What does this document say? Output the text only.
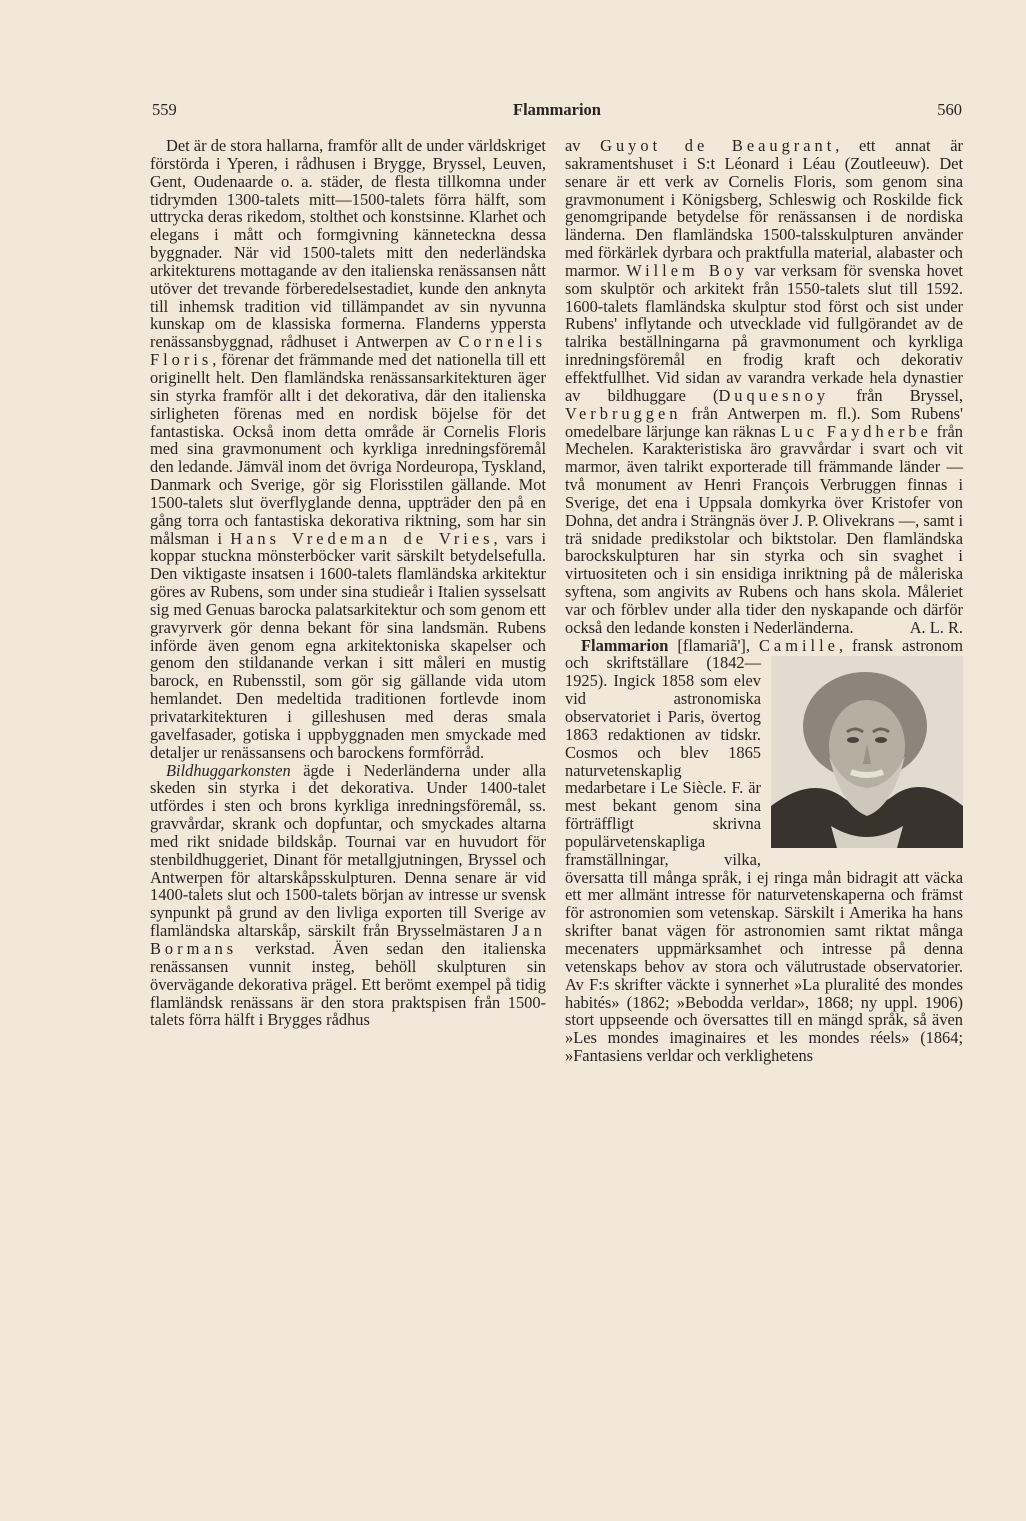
559	Flammarion	560

Det är de stora hallarna, framför allt de under världskriget förstörda i Yperen, i rådhusen i Brygge, Bryssel, Leuven, Gent, Oudenaarde o. a. städer, de flesta tillkomna under tidrymden 1300-talets mitt—1500-talets förra hälft, som uttrycka deras rikedom, stolthet och konstsinne. Klarhet och elegans i mått och formgivning känneteckna dessa byggnader. När vid 1500-talets mitt den nederländska arkitekturens mottagande av den italienska renässansen nått utöver det trevande förberedelsestadiet, kunde den anknyta till inhemsk tradition vid tillämpandet av sin nyvunna kunskap om de klassiska formerna. Flanderns yppersta renässansbyggnad, rådhuset i Antwerpen av Cornelis Floris, förenar det främmande med det nationella till ett originellt helt. Den flamländska renässansarkitekturen äger sin styrka framför allt i det dekorativa, där den italienska sirligheten förenas med en nordisk böjelse för det fantastiska. Också inom detta område är Cornelis Floris med sina gravmonument och kyrkliga inredningsföremål den ledande. Jämväl inom det övriga Nordeuropa, Tyskland, Danmark och Sverige, gör sig Florisstilen gällande. Mot 1500-talets slut överflyglande denna, uppträder den på en gång torra och fantastiska dekorativa riktning, som har sin målsman i Hans Vredeman de Vries, vars i koppar stuckna mönsterböcker varit särskilt betydelsefulla. Den viktigaste insatsen i 1600-talets flamländska arkitektur göres av Rubens, som under sina studieår i Italien sysselsatt sig med Genuas barocka palatsarkitektur och som genom ett gravyrverk gör denna bekant för sina landsmän. Rubens införde även genom egna arkitektoniska skapelser och genom den stildanande verkan i sitt måleri en mustig barock, en Rubensstil, som gör sig gällande vida utom hemlandet. Den medeltida traditionen fortlevde inom privatarkitekturen i gilleshusen med deras smala gavelfasader, gotiska i uppbyggnaden men smyckade med detaljer ur renässansens och barockens formförråd.

Bildhuggarkonsten ägde i Nederländerna under alla skeden sin styrka i det dekorativa. Under 1400-talet utfördes i sten och brons kyrkliga inredningsföremål, ss. gravvårdar, skrank och dopfuntar, och smyckades altarna med rikt snidade bildskåp. Tournai var en huvudort för stenbildhuggeriet, Dinant för metallgjutningen, Bryssel och Antwerpen för altarskåpsskulpturen. Denna senare är vid 1400-talets slut och 1500-talets början av intresse ur svensk synpunkt på grund av den livliga exporten till Sverige av flamländska altarskåp, särskilt från Brysselmästaren Jan Bormans verkstad. Även sedan den italienska renässansen vunnit insteg, behöll skulpturen sin övervägande dekorativa prägel. Ett berömt exempel på tidig flamländsk renässans är den stora praktspisen från 1500-talets förra hälft i Brygges rådhus

av Guyot de Beaugrant, ett annat är sakramentshuset i S:t Léonard i Léau (Zoutleeuw). Det senare är ett verk av Cornelis Floris, som genom sina gravmonument i Königsberg, Schleswig och Roskilde fick genomgripande betydelse för renässansen i de nordiska länderna. Den flamländska 1500-talsskulpturen använder med förkärlek dyrbara och praktfulla material, alabaster och marmor. Willem Boy var verksam för svenska hovet som skulptör och arkitekt från 1550-talets slut till 1592. 1600-talets flamländska skulptur stod först och sist under Rubens' inflytande och utvecklade vid fullgörandet av de talrika beställningarna på gravmonument och kyrkliga inredningsföremål en frodig kraft och dekorativ effektfullhet. Vid sidan av varandra verkade hela dynastier av bildhuggare (Duquesnoy från Bryssel, Verbruggen från Antwerpen m. fl.). Som Rubens' omedelbare lärjunge kan räknas Luc Faydherbe från Mechelen. Karakteristiska äro gravvårdar i svart och vit marmor, även talrikt exporterade till främmande länder — två monument av Henri François Verbruggen finnas i Sverige, det ena i Uppsala domkyrka över Kristofer von Dohna, det andra i Strängnäs över J. P. Olivekrans —, samt i trä snidade predikstolar och biktstolar. Den flamländska barockskulpturen har sin styrka och sin svaghet i virtuositeten och i sin ensidiga inriktning på de måleriska syftena, som angivits av Rubens och hans skola. Måleriet var och förblev under alla tider den nyskapande och därför också den ledande konsten i Nederländerna.	A. L. R.

Flammarion [flamariã'], Camille
, fransk astronom och skriftställare (1842—1925). Ingick 1858 som elev vid astronomiska observatoriet i Paris, övertog 1863 redaktionen av tidskr. Cosmos och blev 1865 naturvetenskaplig medarbetare i Le Siècle. F. är mest bekant genom sina förträffligt skrivna populärvetenskapliga framställningar, vilka, översatta till många språk, i ej ringa mån bidragit att väcka ett mer allmänt intresse för naturvetenskaperna och främst för astronomien som vetenskap. Särskilt i Amerika ha hans skrifter banat vägen för astronomien samt riktat många mecenaters uppmärksamhet och intresse på denna vetenskaps behov av stora och välutrustade observatorier. Av F:s skrifter väckte i synnerhet »La pluralité des mondes habités» (1862; »Bebodda verldar», 1868; ny uppl. 1906) stort uppseende och översattes till en mängd språk, så även »Les mondes imaginaires et les mondes réels» (1864; »Fantasiens verldar och verklighetens
